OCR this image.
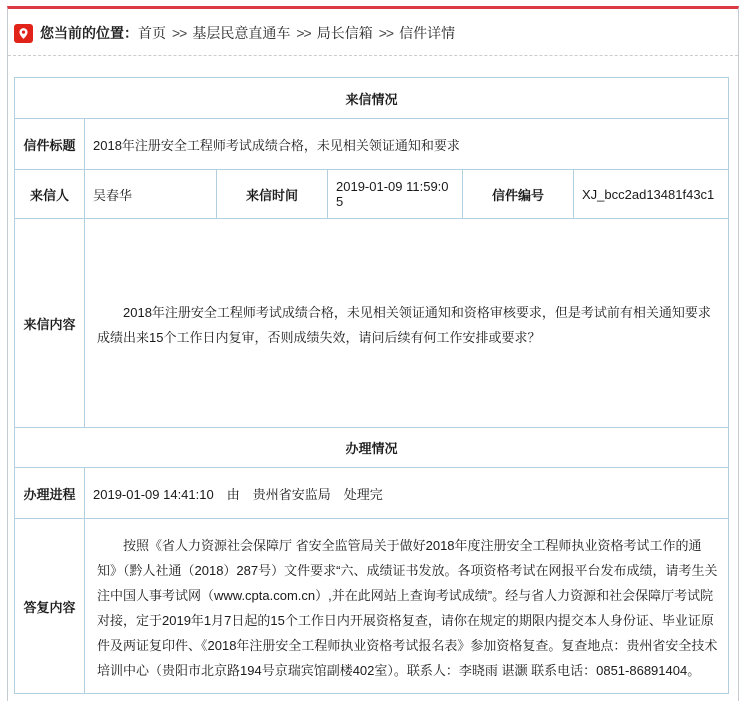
您当前的位置： 首页 >> 基层民意直通车 >> 局长信箱 >> 信件详情
来信情况					
信件标题	2018年注册安全工程师考试成绩合格，未见相关领证通知和要求				
来信人	吴春华	来信时间	2019-01-09 11:59:05	信件编号	XJ_bcc2ad13481f43c1
来信内容	2018年注册安全工程师考试成绩合格，未见相关领证通知和资格审核要求，但是考试前有相关通知要求成绩出来15个工作日内复审，否则成绩失效，请问后续有何工作安排或要求？				

办理情况					
办理进程	2019-01-09 14:41:10　由　贵州省安监局　处理完				
答复内容	按照《省人力资源社会保障厅 省安全监管局关于做好2018年度注册安全工程师执业资格考试工作的通知》（黔人社通（2018）287号）文件要求“六、成绩证书发放。各项资格考试在网报平台发布成绩，请考生关注中国人事考试网（www.cpta.com.cn）,并在此网站上查询考试成绩”。经与省人力资源和社会保障厅考试院对接，定于2019年1月7日起的15个工作日内开展资格复查，请你在规定的期限内提交本人身份证、毕业证原件及两证复印件、《2018年注册安全工程师执业资格考试报名表》参加资格复查。复查地点：贵州省安全技术培训中心（贵阳市北京路194号京瑞宾馆副楼402室）。联系人：李晓雨 谌灏 联系电话：0851-86891404。				
